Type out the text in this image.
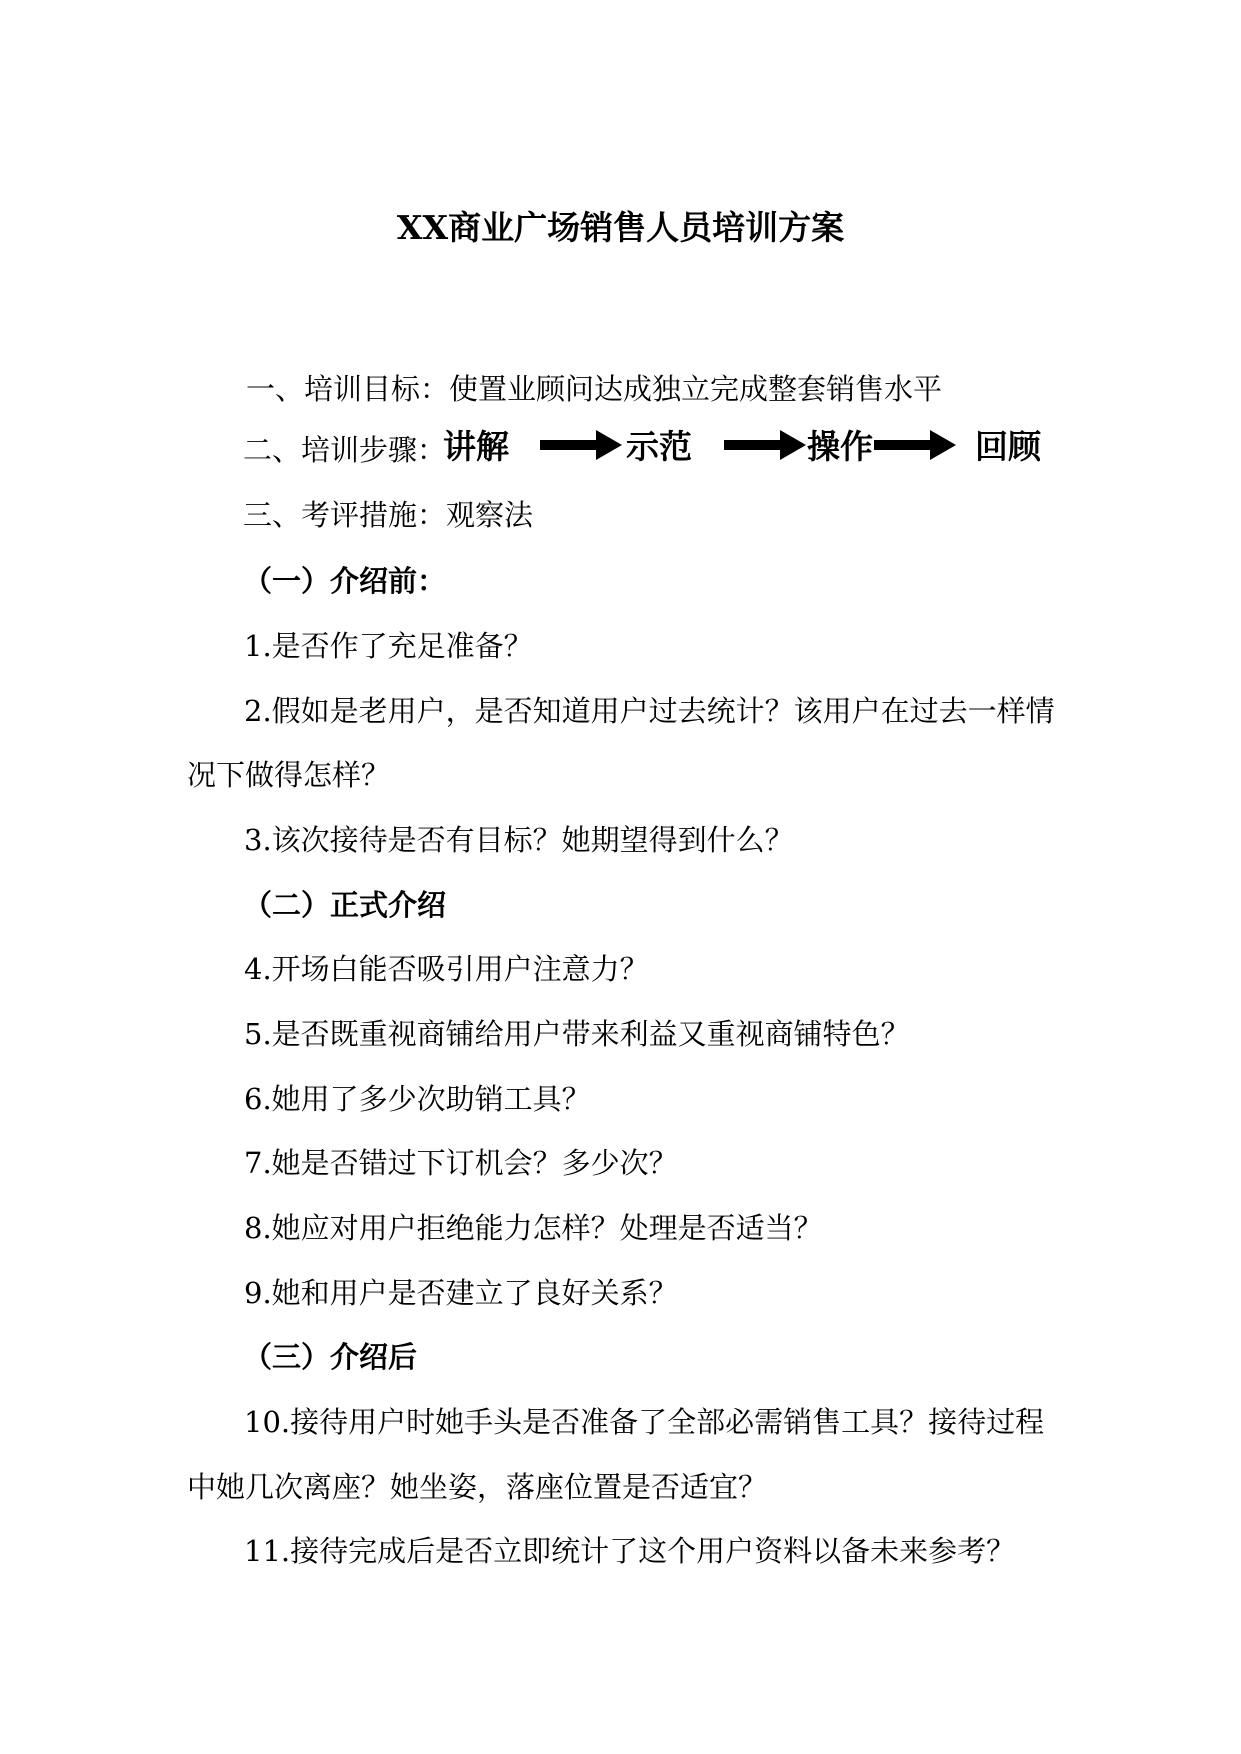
XX商业广场销售人员培训方案
一、培训目标：使置业顾问达成独立完成整套销售水平
二、培训步骤：
讲解	示范	操作	回顾
三、考评措施：观察法
（一）介绍前：
1.是否作了充足准备？
2.假如是老用户，是否知道用户过去统计？该用户在过去一样情
况下做得怎样？
3.该次接待是否有目标？她期望得到什么？
（二）正式介绍
4.开场白能否吸引用户注意力？
5.是否既重视商铺给用户带来利益又重视商铺特色？
6.她用了多少次助销工具？
7.她是否错过下订机会？多少次？
8.她应对用户拒绝能力怎样？处理是否适当？
9.她和用户是否建立了良好关系？
（三）介绍后
10.接待用户时她手头是否准备了全部必需销售工具？接待过程
中她几次离座？她坐姿，落座位置是否适宜？
11.接待完成后是否立即统计了这个用户资料以备未来参考？
